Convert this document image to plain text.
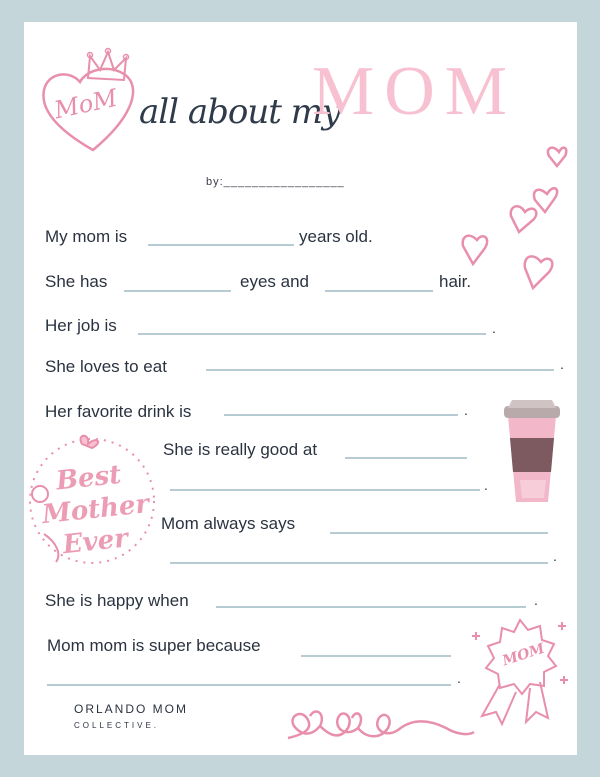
MoM all about my
MOM
by:_________________
My mom is	years old.
She has	eyes and	hair.
Her job is	.
She loves to eat	.
Her favorite drink is	.
Best Mother Ever
She is really good at
.
Mom always says
.
She is happy when	.
Mom mom is super because
.
MOM
ORLANDO MOM
COLLECTIVE.
